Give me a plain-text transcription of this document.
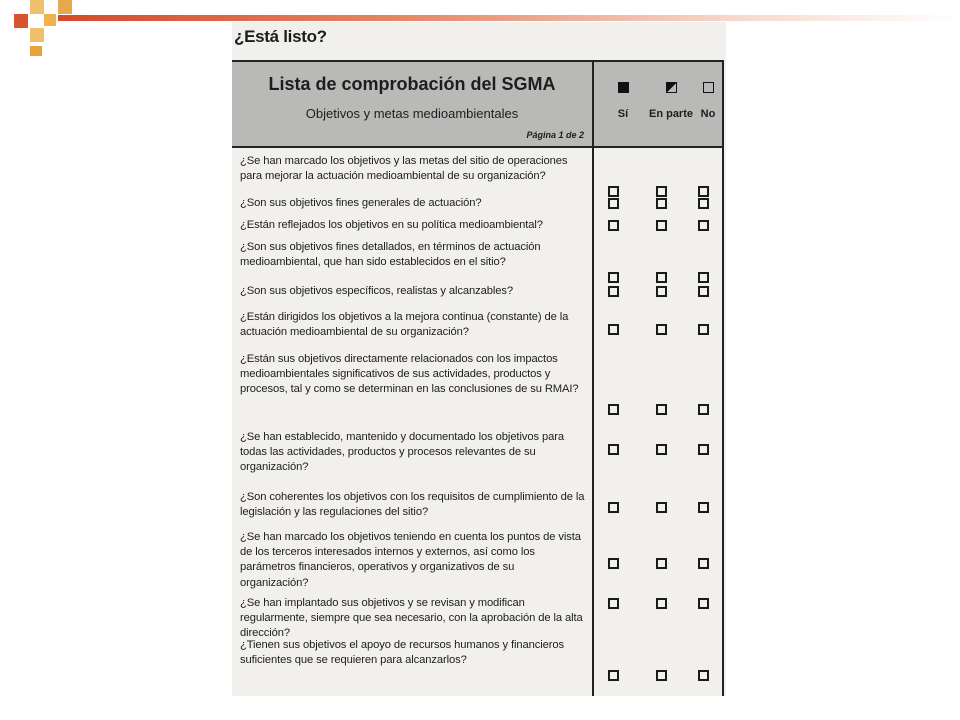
¿Está listo?
Lista de comprobación del SGMA
Objetivos y metas medioambientales
Página 1 de 2
Sí	En parte No
¿Se han marcado los objetivos y las metas del sitio de operaciones para mejorar la actuación medioambiental de su organización?
¿Son sus objetivos fines generales de actuación?
¿Están reflejados los objetivos en su política medioambiental?
¿Son sus objetivos fines detallados, en términos de actuación medioambiental, que han sido establecidos en el sitio?
¿Son sus objetivos específicos, realistas y alcanzables?
¿Están dirigidos los objetivos a la mejora continua (constante) de la actuación medioambiental de su organización?
¿Están sus objetivos directamente relacionados con los impactos medioambientales significativos de sus actividades, productos y procesos, tal y como se determinan en las conclusiones de su RMAI?
¿Se han establecido, mantenido y documentado los objetivos para todas las actividades, productos y procesos relevantes de su organización?
¿Son coherentes los objetivos con los requisitos de cumplimiento de la legislación y las regulaciones del sitio?
¿Se han marcado los objetivos teniendo en cuenta los puntos de vista de los terceros interesados internos y externos, así como los parámetros financieros, operativos y organizativos de su organización?
¿Se han implantado sus objetivos y se revisan y modifican regularmente, siempre que sea necesario, con la aprobación de la alta dirección?
¿Tienen sus objetivos el apoyo de recursos humanos y financieros suficientes que se requieren para alcanzarlos?
